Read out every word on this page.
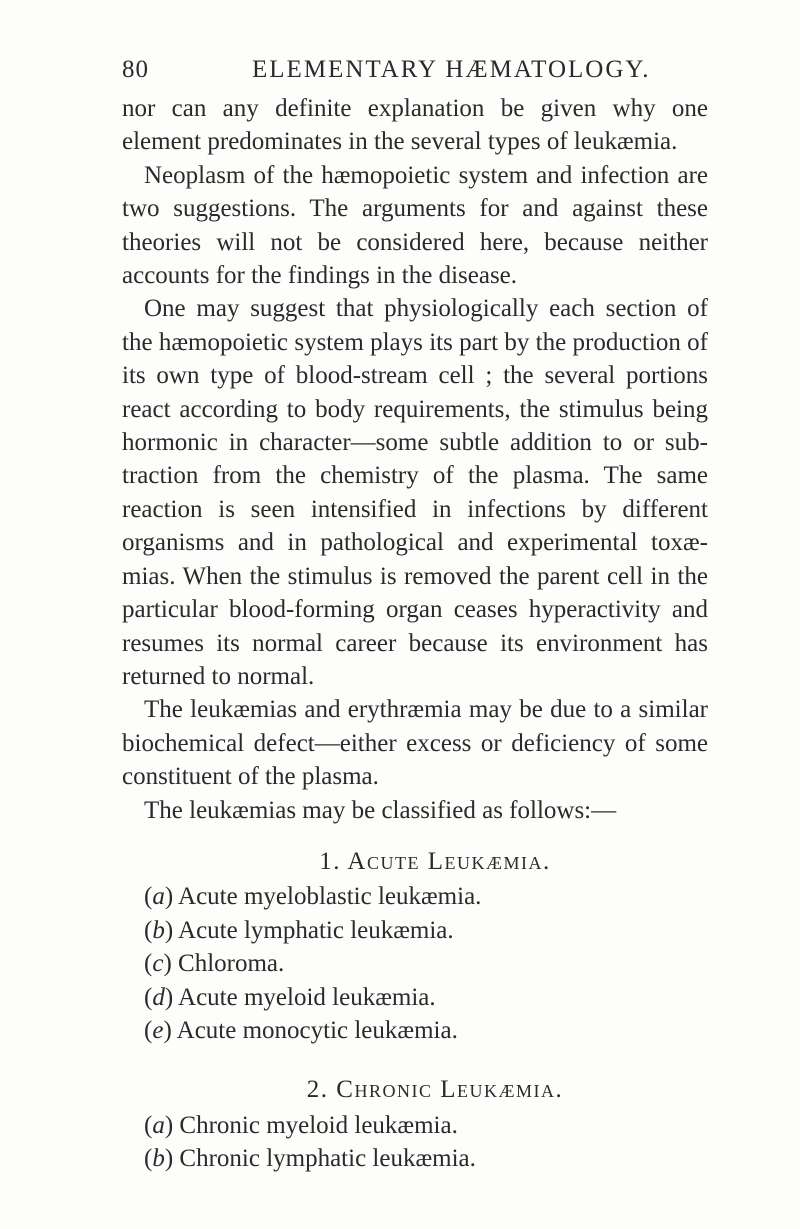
80	ELEMENTARY HÆMATOLOGY.

nor can any definite explanation be given why one element predominates in the several types of leukæmia.

Neoplasm of the hæmopoietic system and infection are two suggestions. The arguments for and against these theories will not be considered here, because neither accounts for the findings in the disease.

One may suggest that physiologically each section of the hæmopoietic system plays its part by the production of its own type of blood-stream cell ; the several portions react according to body requirements, the stimulus being hormonic in character—some subtle addition to or subtraction from the chemistry of the plasma. The same reaction is seen intensified in infections by different organisms and in pathological and experimental toxæmias. When the stimulus is removed the parent cell in the particular blood-forming organ ceases hyperactivity and resumes its normal career because its environment has returned to normal.

The leukæmias and erythræmia may be due to a similar biochemical defect—either excess or deficiency of some constituent of the plasma.

The leukæmias may be classified as follows:—

1. Acute Leukæmia.

(a) Acute myeloblastic leukæmia.
(b) Acute lymphatic leukæmia.
(c) Chloroma.
(d) Acute myeloid leukæmia.
(e) Acute monocytic leukæmia.

2. Chronic Leukæmia.

(a) Chronic myeloid leukæmia.
(b) Chronic lymphatic leukæmia.
